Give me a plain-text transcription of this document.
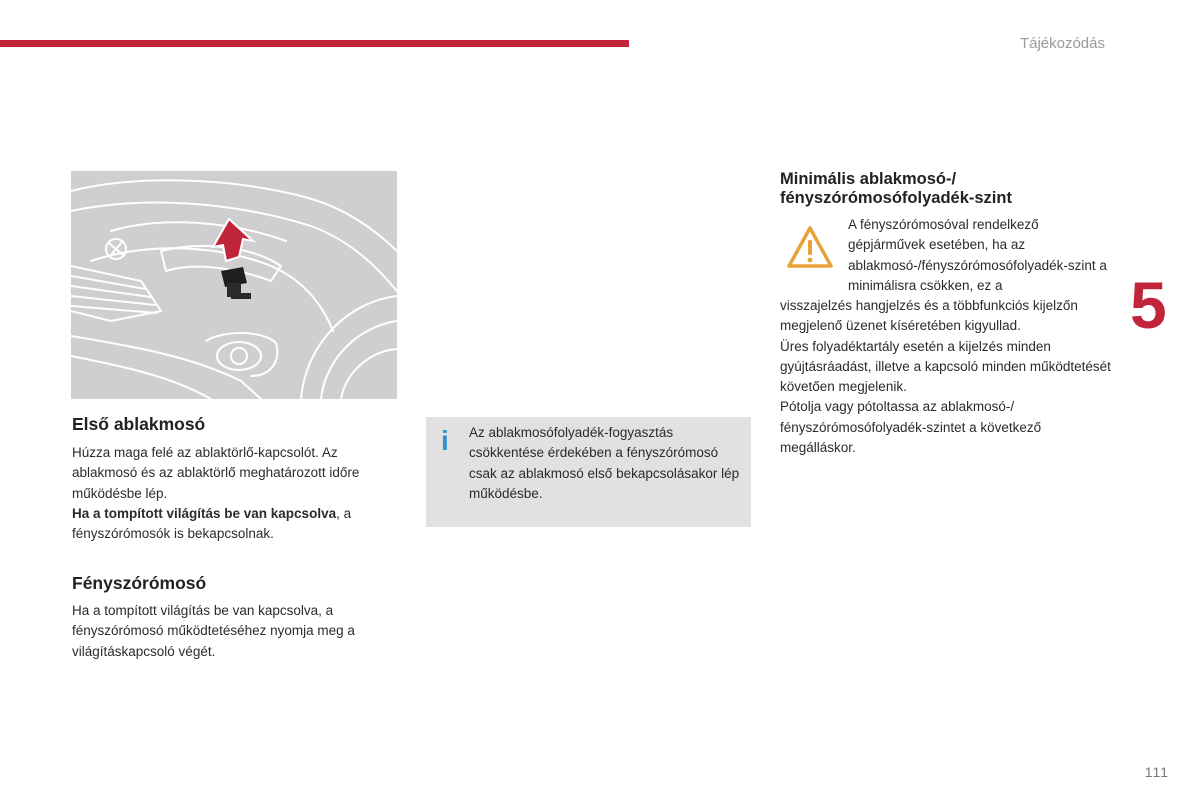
Tájékozódás
5
111
Első ablakmosó

Húzza maga felé az ablaktörlő-kapcsolót. Az ablakmosó és az ablaktörlő meghatározott időre működésbe lép.
Ha a tompított világítás be van kapcsolva, a fényszórómosók is bekapcsolnak.

Fényszórómosó

Ha a tompított világítás be van kapcsolva, a fényszórómosó működtetéséhez nyomja meg a világításkapcsoló végét.

i Az ablakmosófolyadék-fogyasztás csökkentése érdekében a fényszórómosó csak az ablakmosó első bekapcsolásakor lép működésbe.
Minimális ablakmosó-/ fényszórómosófolyadék-szint

A fényszórómosóval rendelkező gépjárművek esetében, ha az ablakmosó-/fényszórómosófolyadék-szint a minimálisra csökken, ez a

visszajelzés hangjelzés és a többfunkciós kijelzőn megjelenő üzenet kíséretében kigyullad.
Üres folyadéktartály esetén a kijelzés minden gyújtásráadást, illetve a kapcsoló minden működtetését követően megjelenik.
Pótolja vagy pótoltassa az ablakmosó-/ fényszórómosófolyadék-szintet a következő megálláskor.
